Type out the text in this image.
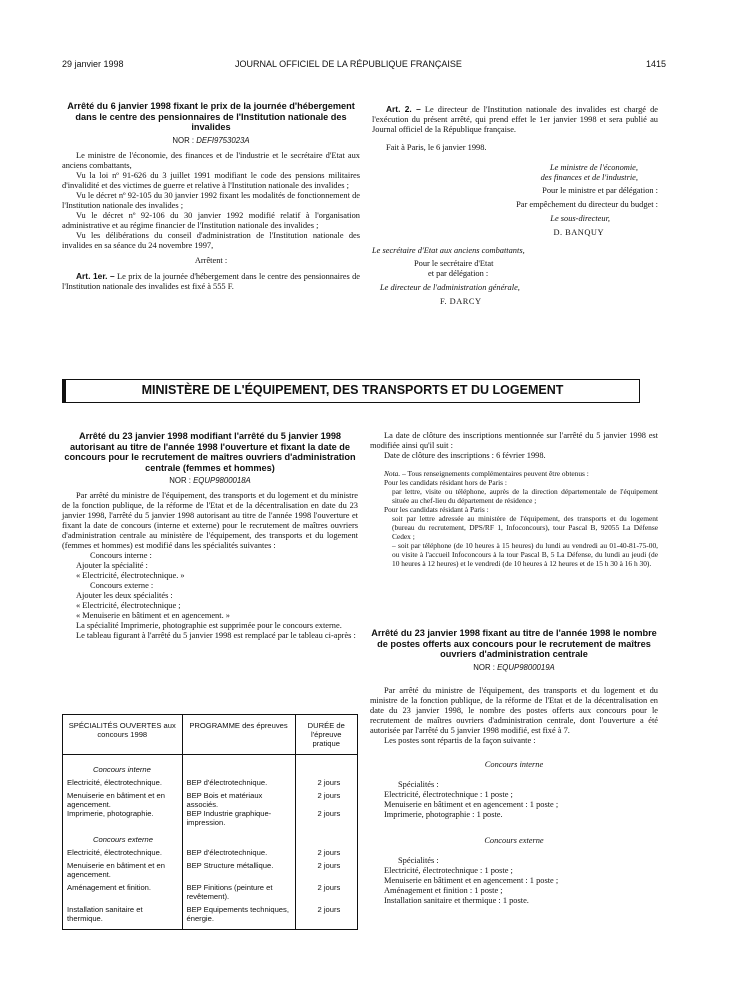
29 janvier 1998	JOURNAL OFFICIEL DE LA RÉPUBLIQUE FRANÇAISE	1415

Arrêté du 6 janvier 1998 fixant le prix de la journée d'hébergement dans le centre des pensionnaires de l'Institution nationale des invalides

NOR : DEFI9753023A

Le ministre de l'économie, des finances et de l'industrie et le secrétaire d'Etat aux anciens combattants,

Vu la loi nº 91-626 du 3 juillet 1991 modifiant le code des pensions militaires d'invalidité et des victimes de guerre et relative à l'Institution nationale des invalides ;

Vu le décret nº 92-105 du 30 janvier 1992 fixant les modalités de fonctionnement de l'Institution nationale des invalides ;

Vu le décret nº 92-106 du 30 janvier 1992 modifié relatif à l'organisation administrative et au régime financier de l'Institution nationale des invalides ;

Vu les délibérations du conseil d'administration de l'Institution nationale des invalides en sa séance du 24 novembre 1997,

Arrêtent :

Art. 1er. – Le prix de la journée d'hébergement dans le centre des pensionnaires de l'Institution nationale des invalides est fixé à 555 F.

Art. 2. – Le directeur de l'Institution nationale des invalides est chargé de l'exécution du présent arrêté, qui prend effet le 1er janvier 1998 et sera publié au Journal officiel de la République française.

Fait à Paris, le 6 janvier 1998.

Le ministre de l'économie,

des finances et de l'industrie,

Pour le ministre et par délégation :

Par empêchement du directeur du budget :

Le sous-directeur,

D. BANQUY

Le secrétaire d'Etat aux anciens combattants,

Pour le secrétaire d'Etat

et par délégation :

Le directeur de l'administration générale,

F. DARCY

MINISTÈRE DE L'ÉQUIPEMENT, DES TRANSPORTS ET DU LOGEMENT

Arrêté du 23 janvier 1998 modifiant l'arrêté du 5 janvier 1998 autorisant au titre de l'année 1998 l'ouverture et fixant la date de concours pour le recrutement de maîtres ouvriers d'administration centrale (femmes et hommes)

NOR : EQUP9800018A

Par arrêté du ministre de l'équipement, des transports et du logement et du ministre de la fonction publique, de la réforme de l'Etat et de la décentralisation en date du 23 janvier 1998, l'arrêté du 5 janvier 1998 autorisant au titre de l'année 1998 l'ouverture et fixant la date de concours (interne et externe) pour le recrutement de maîtres ouvriers d'administration centrale au ministère de l'équipement, des transports et du logement (femmes et hommes) est modifié dans les spécialités suivantes :

Concours interne :

Ajouter la spécialité :

« Electricité, électrotechnique. »

Concours externe :

Ajouter les deux spécialités :

« Electricité, électrotechnique ;

« Menuiserie en bâtiment et en agencement. »

La spécialité Imprimerie, photographie est supprimée pour le concours externe.

Le tableau figurant à l'arrêté du 5 janvier 1998 est remplacé par le tableau ci-après :

SPÉCIALITÉS OUVERTES aux concours 1998	PROGRAMME des épreuves	DURÉE de l'épreuve pratique
Concours interne		
Electricité, électrotechnique.	BEP d'électrotechnique.	2 jours
Menuiserie en bâtiment et en agencement.	BEP Bois et matériaux associés.	2 jours
Imprimerie, photographie.	BEP Industrie graphique-impression.	2 jours
Concours externe		
Electricité, électrotechnique.	BEP d'électrotechnique.	2 jours
Menuiserie en bâtiment et en agencement.	BEP Structure métallique.	2 jours
Aménagement et finition.	BEP Finitions (peinture et revêtement).	2 jours
Installation sanitaire et thermique.	BEP Equipements techniques, énergie.	2 jours

La date de clôture des inscriptions mentionnée sur l'arrêté du 5 janvier 1998 est modifiée ainsi qu'il suit :

Date de clôture des inscriptions : 6 février 1998.

Nota. – Tous renseignements complémentaires peuvent être obtenus :

Pour les candidats résidant hors de Paris :

par lettre, visite ou téléphone, auprès de la direction départementale de l'équipement située au chef-lieu du département de résidence ;

Pour les candidats résidant à Paris :

soit par lettre adressée au ministère de l'équipement, des transports et du logement (bureau du recrutement, DPS/RF 1, Infoconcours), tour Pascal B, 92055 La Défense Cedex ;

– soit par téléphone (de 10 heures à 15 heures) du lundi au vendredi au 01-40-81-75-00, ou visite à l'accueil Infoconcours à la tour Pascal B, 5 La Défense, du lundi au jeudi (de 10 heures à 12 heures) et le vendredi (de 10 heures à 12 heures et de 15 h 30 à 16 h 30).

Arrêté du 23 janvier 1998 fixant au titre de l'année 1998 le nombre de postes offerts aux concours pour le recrutement de maîtres ouvriers d'administration centrale

NOR : EQUP9800019A

Par arrêté du ministre de l'équipement, des transports et du logement et du ministre de la fonction publique, de la réforme de l'Etat et de la décentralisation en date du 23 janvier 1998, le nombre des postes offerts aux concours pour le recrutement de maîtres ouvriers d'administration centrale, dont l'ouverture a été autorisée par l'arrêté du 5 janvier 1998 modifié, est fixé à 7.

Les postes sont répartis de la façon suivante :

Concours interne

Spécialités :

Electricité, électrotechnique : 1 poste ;

Menuiserie en bâtiment et en agencement : 1 poste ;

Imprimerie, photographie : 1 poste.

Concours externe

Spécialités :

Electricité, électrotechnique : 1 poste ;

Menuiserie en bâtiment et en agencement : 1 poste ;

Aménagement et finition : 1 poste ;

Installation sanitaire et thermique : 1 poste.
